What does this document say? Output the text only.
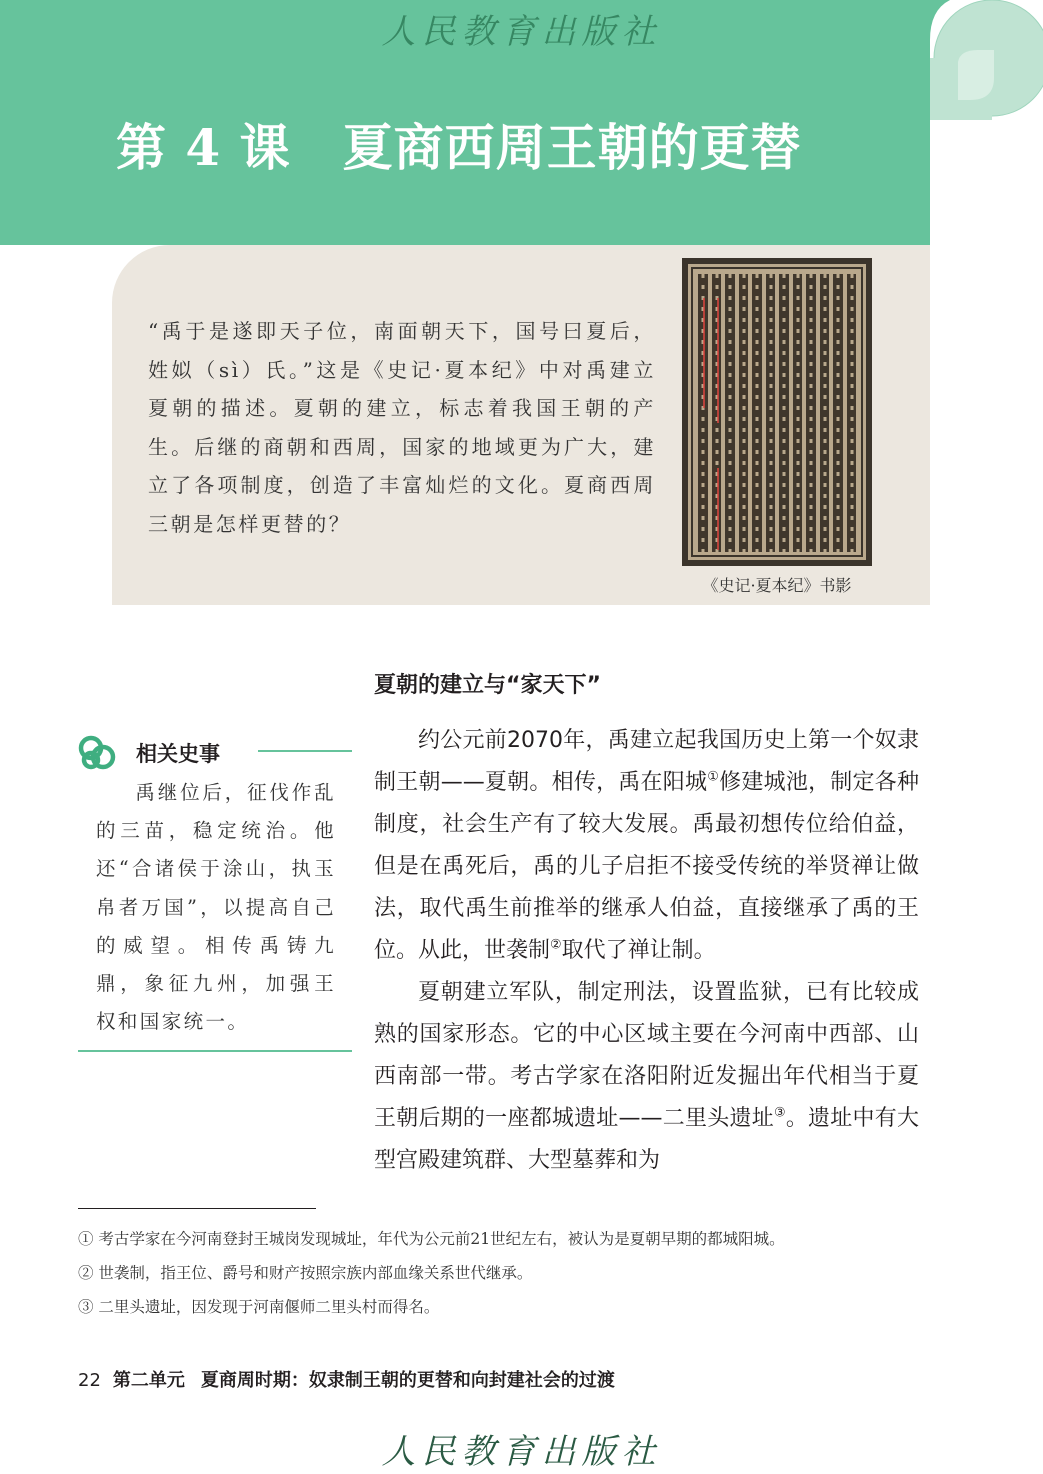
人民教育出版社
第 4 课 夏商西周王朝的更替
“禹于是遂即天子位，南面朝天下，国号曰夏后，姓姒（sì）氏。”这是《史记·夏本纪》中对禹建立夏朝的描述。夏朝的建立，标志着我国王朝的产生。后继的商朝和西周，国家的地域更为广大，建立了各项制度，创造了丰富灿烂的文化。夏商西周三朝是怎样更替的？
《史记·夏本纪》书影
夏朝的建立与“家天下”
相关史事
禹继位后，征伐作乱的三苗，稳定统治。他还“合诸侯于涂山，执玉帛者万国”，以提高自己的威望。相传禹铸九鼎，象征九州，加强王权和国家统一。

约公元前2070年，禹建立起我国历史上第一个奴隶制王朝——夏朝。相传，禹在阳城①修建城池，制定各种制度，社会生产有了较大发展。禹最初想传位给伯益，但是在禹死后，禹的儿子启拒不接受传统的举贤禅让做法，取代禹生前推举的继承人伯益，直接继承了禹的王位。从此，世袭制②取代了禅让制。

夏朝建立军队，制定刑法，设置监狱，已有比较成熟的国家形态。它的中心区域主要在今河南中西部、山西南部一带。考古学家在洛阳附近发掘出年代相当于夏王朝后期的一座都城遗址——二里头遗址③。遗址中有大型宫殿建筑群、大型墓葬和为

① 考古学家在今河南登封王城岗发现城址，年代为公元前21世纪左右，被认为是夏朝早期的都城阳城。
② 世袭制，指王位、爵号和财产按照宗族内部血缘关系世代继承。
③ 二里头遗址，因发现于河南偃师二里头村而得名。
22 第二单元 夏商周时期：奴隶制王朝的更替和向封建社会的过渡
人民教育出版社
